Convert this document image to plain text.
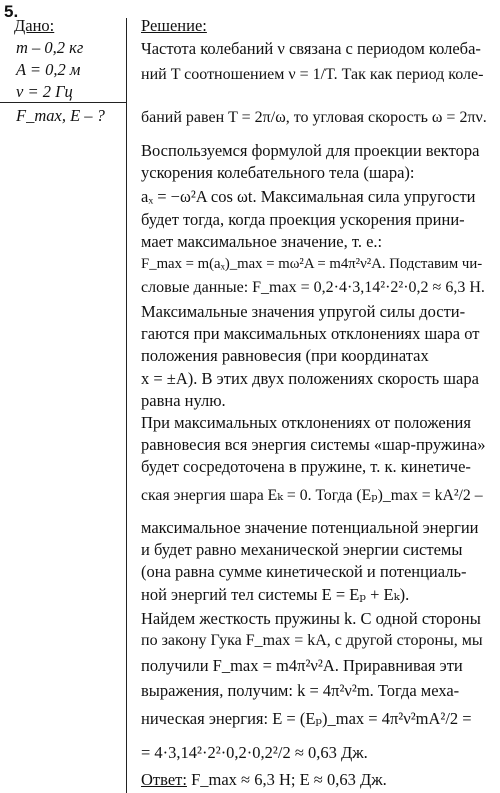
5.
Дано:
m – 0,2 кг
A = 0,2 м
ν = 2 Гц
F_max, E – ?
Решение:
Частота колебаний ν связана с периодом колеба-
ний T соотношением ν = 1/T. Так как период коле-
баний равен T = 2π/ω, то угловая скорость ω = 2πν.
Воспользуемся формулой для проекции вектора
ускорения колебательного тела (шара):
aₓ = −ω²A cos ωt. Максимальная сила упругости
будет тогда, когда проекция ускорения прини-
мает максимальное значение, т. е.:
F_max = m(aₓ)_max = mω²A = m4π²ν²A. Подставим чи-
словые данные: F_max = 0,2·4·3,14²·2²·0,2 ≈ 6,3 Н.
Максимальные значения упругой силы дости-
гаются при максимальных отклонениях шара от
положения равновесия (при координатах
x = ±A). В этих двух положениях скорость шара
равна нулю.
При максимальных отклонениях от положения
равновесия вся энергия системы «шар-пружина»
будет сосредоточена в пружине, т. к. кинетиче-
ская энергия шара Eₖ = 0. Тогда (Eₚ)_max = kA²/2 –
максимальное значение потенциальной энергии
и будет равно механической энергии системы
(она равна сумме кинетической и потенциаль-
ной энергий тел системы E = Eₚ + Eₖ).
Найдем жесткость пружины k. С одной стороны
по закону Гука F_max = kA, с другой стороны, мы
получили F_max = m4π²ν²A. Приравнивая эти
выражения, получим: k = 4π²ν²m. Тогда меха-
ническая энергия: E = (Eₚ)_max = 4π²ν²mA²/2 =
= 4·3,14²·2²·0,2·0,2²/2 ≈ 0,63 Дж.
Ответ: F_max ≈ 6,3 Н; E ≈ 0,63 Дж.
